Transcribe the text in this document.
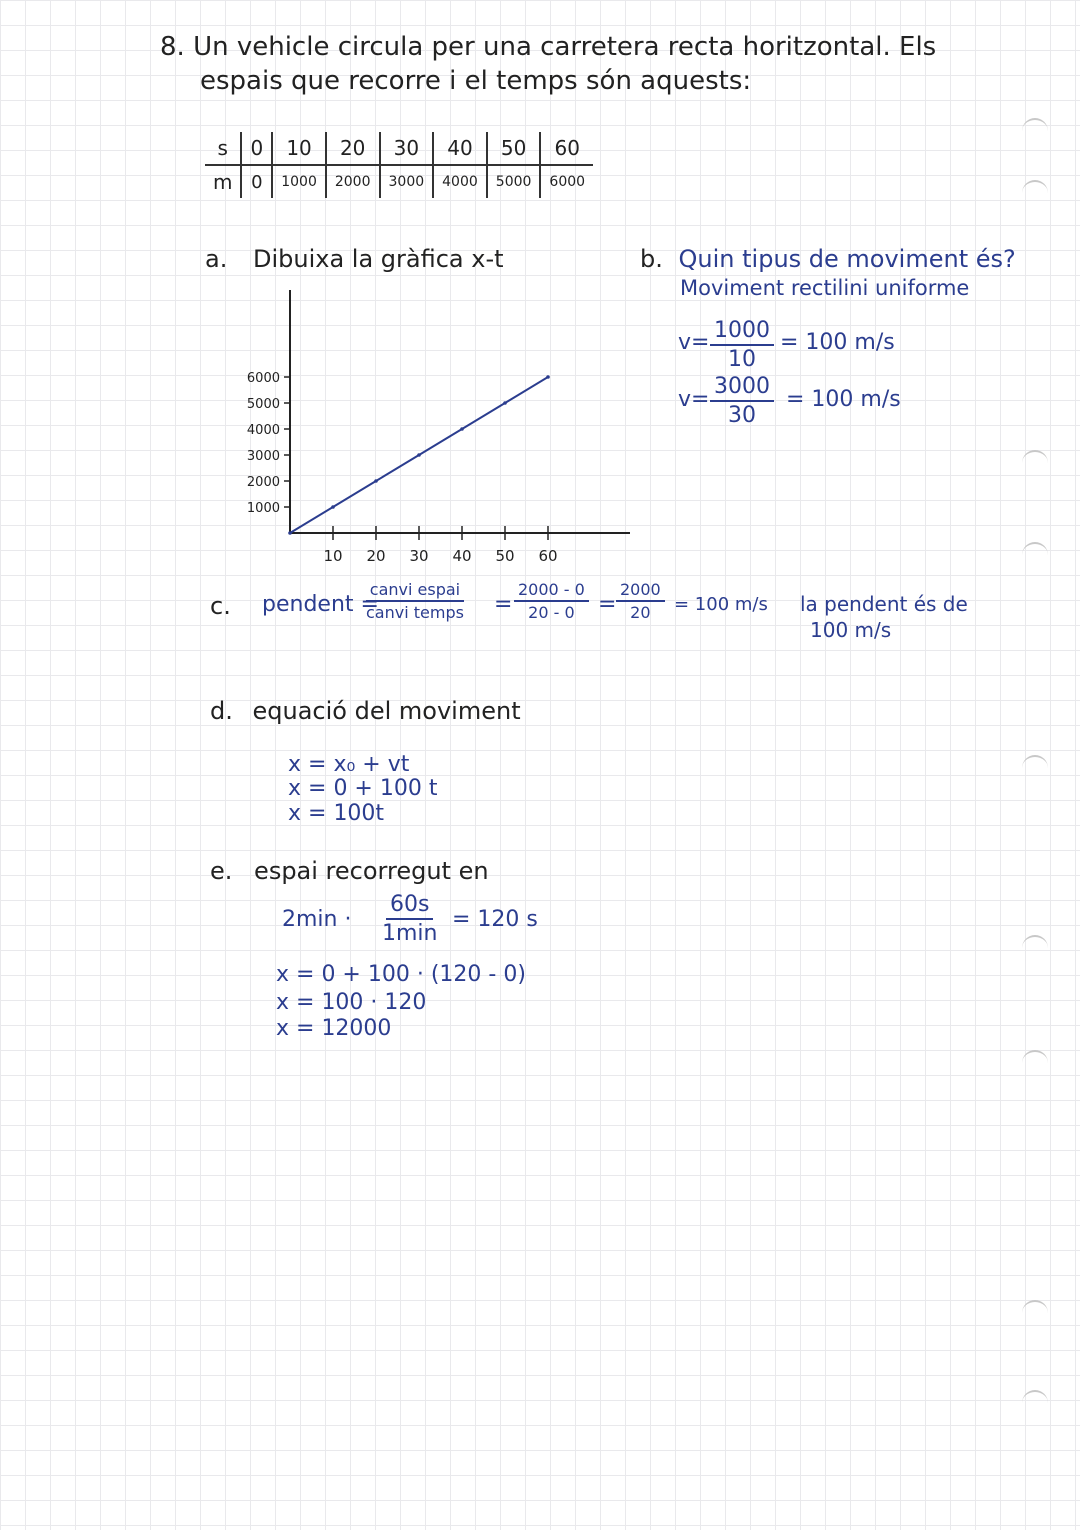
8. Un vehicle circula per una carretera recta horitzontal. Els
espais que recorre i el temps són aquests:
s	0	10	20	30	40	50	60
m	0	1000	2000	3000	4000	5000	6000
a. Dibuixa la gràfica x-t
10 20 30 40 50 60
1000
2000
3000
4000
5000
6000
b. Quin tipus de moviment és?
Moviment rectilini uniforme
$v= \frac{1000}{10} = 100$ m/s
$v= \frac{3000}{30} = 100$ m/s
c. pendent =
canvi espai
canvi temps = $\frac{2000 - 0}{20 - 0} = \frac{2000}{20} = 100$ m/s la pendent és de
100 m/s
d. equació del moviment
x = x₀ + vt
x = 0 + 100 t
x = 100t
e. espai recorregut en
2min ·
60s
1min
= 120 s
x = 0 + 100 · (120 - 0)
x = 100 · 120
x = 12000
